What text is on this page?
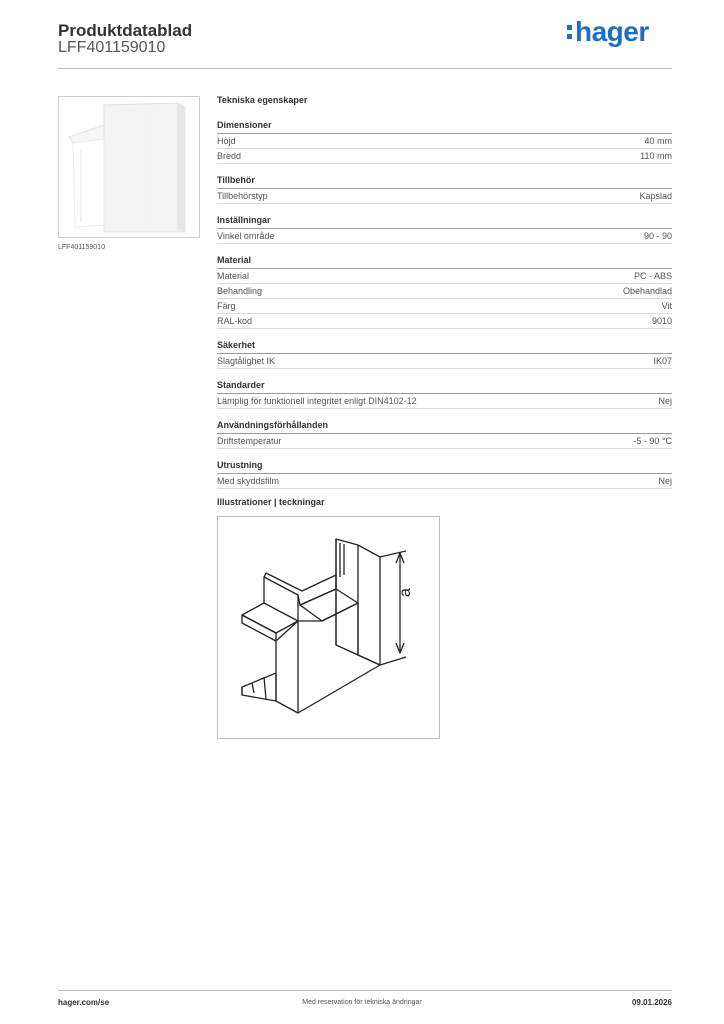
Produktdatablad
LFF401159010
hager
LFF401159010
Tekniska egenskaper
Dimensioner
Höjd	40 mm
Bredd	110 mm
Tillbehör
Tillbehörstyp	Kapslad
Inställningar
Vinkel område	90 - 90
Material
Material	PC - ABS
Behandling	Obehandlad
Färg	Vit
RAL-kod	9010
Säkerhet
Slagtålighet IK	IK07
Standarder
Lämplig för funktionell integritet enligt DIN4102-12	Nej
Användningsförhållanden
Driftstemperatur	-5 - 90 °C
Utrustning
Med skyddsfilm	Nej
Illustrationer | teckningar
a
hager.com/se	Med reservation för tekniska ändringar	09.01.2026
